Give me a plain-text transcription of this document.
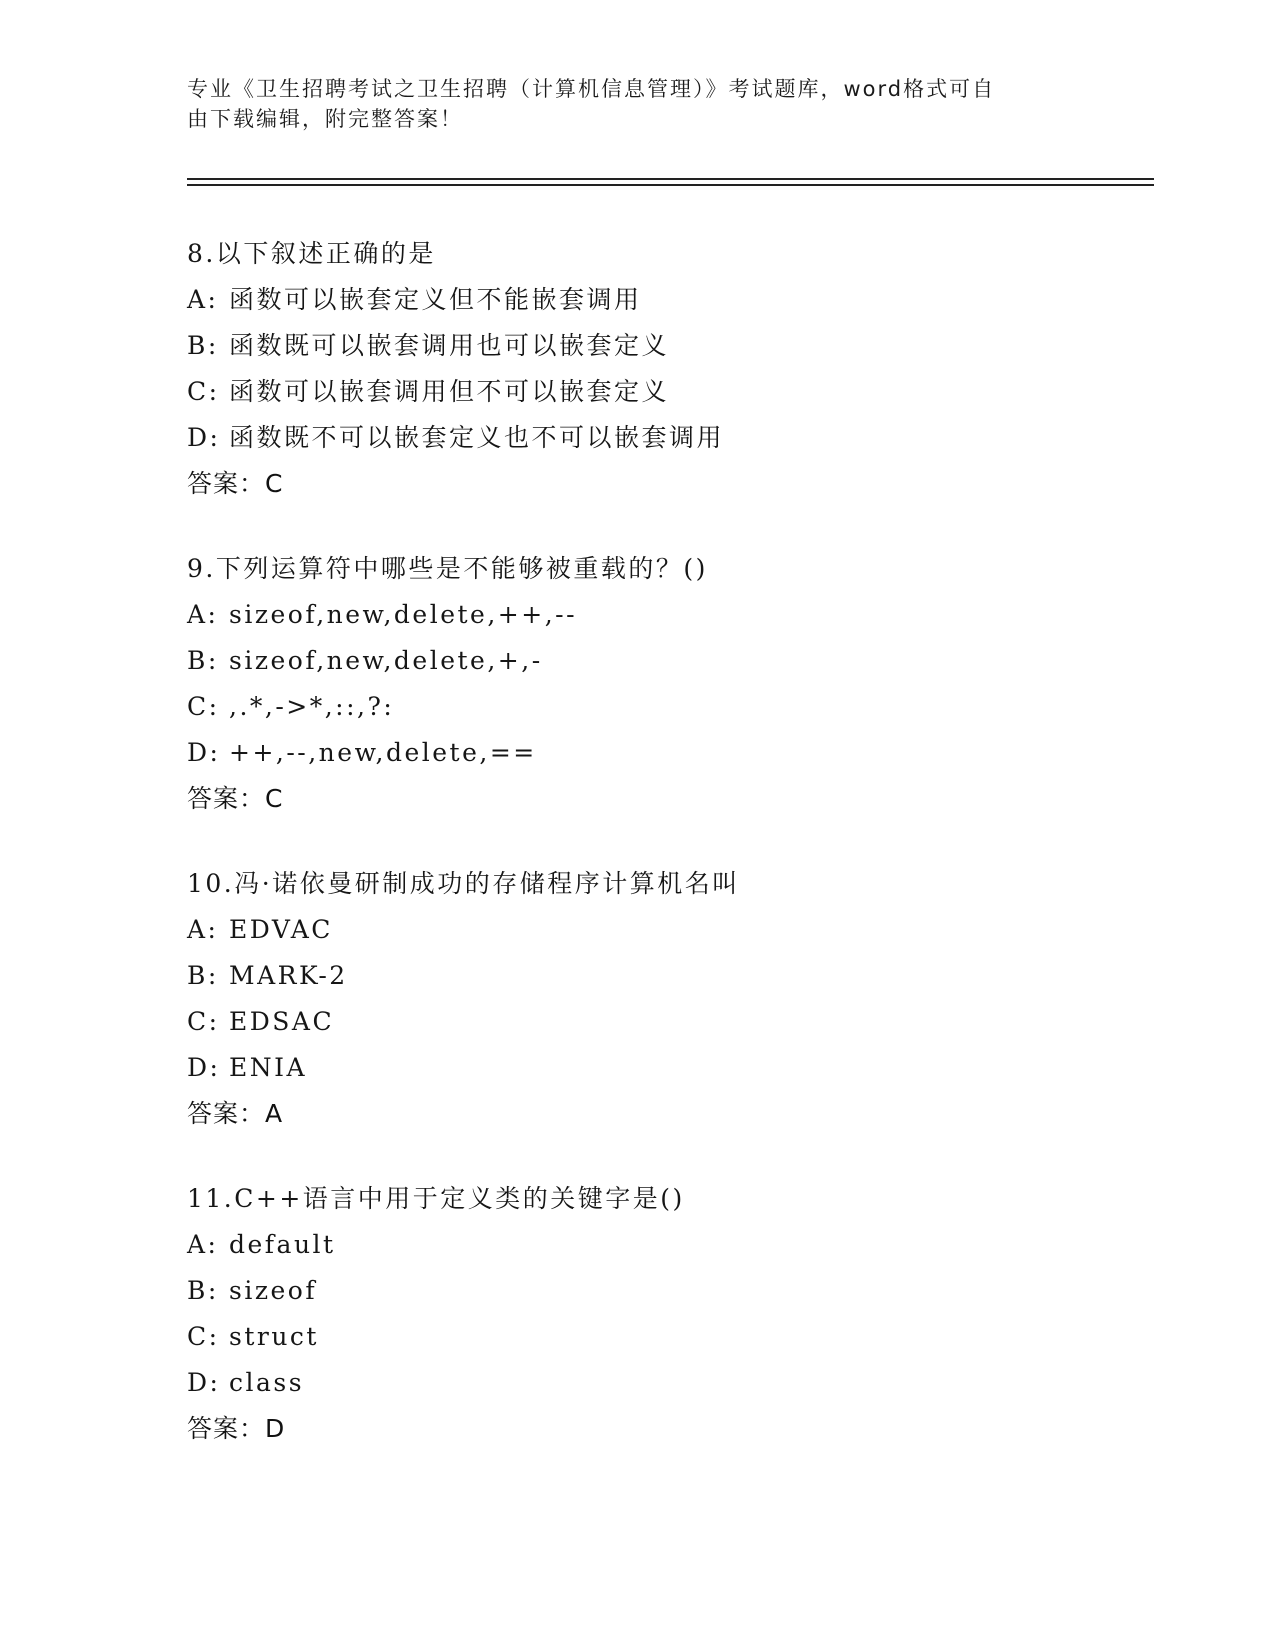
专业《卫生招聘考试之卫生招聘（计算机信息管理）》考试题库，word格式可自
由下载编辑，附完整答案！
8.以下叙述正确的是
A: 函数可以嵌套定义但不能嵌套调用
B: 函数既可以嵌套调用也可以嵌套定义
C: 函数可以嵌套调用但不可以嵌套定义
D: 函数既不可以嵌套定义也不可以嵌套调用
答案：C
9.下列运算符中哪些是不能够被重载的？()
A: sizeof,new,delete,++,--
B: sizeof,new,delete,+,-
C: ,.*,->*,::,?:
D: ++,--,new,delete,==
答案：C
10.冯·诺依曼研制成功的存储程序计算机名叫
A: EDVAC
B: MARK-2
C: EDSAC
D: ENIA
答案：A
11.C++语言中用于定义类的关键字是()
A: default
B: sizeof
C: struct
D: class
答案：D
